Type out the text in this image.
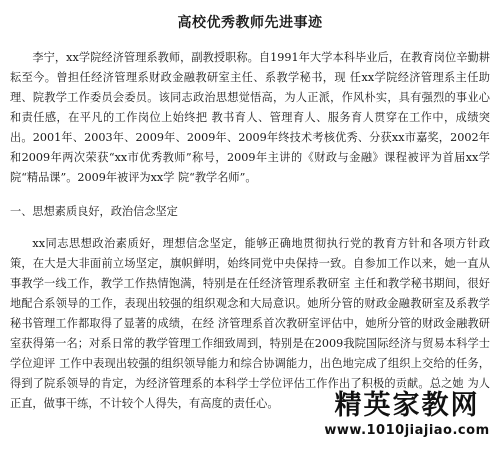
高校优秀教师先进事迹

李宁，xx学院经济管理系教师，副教授职称。自1991年大学本科毕业后，在教育岗位辛勤耕耘至今。曾担任经济管理系财政金融教研室主任、系教学秘书，现 任xx学院经济管理系主任助理、院教学工作委员会委员。该同志政治思想觉悟高，为人正派，作风朴实，具有强烈的事业心和责任感，在平凡的工作岗位上始终把 教书育人、管理育人、服务育人贯穿在工作中，成绩突出。2001年、2003年、2009年、2009年、2009年终技术考核优秀、分获xx市嘉奖，2002年和2009年两次荣获“xx市优秀教师”称号，2009年主讲的《财政与金融》课程被评为首届xx学院“精品课”。2009年被评为xx学 院“教学名师”。

一、思想素质良好，政治信念坚定

xx同志思想政治素质好，理想信念坚定，能够正确地贯彻执行党的教育方针和各项方针政 策，在大是大非面前立场坚定，旗帜鲜明，始终同党中央保持一致。自参加工作以来，她一直从事教学一线工作，教学工作热情饱满，特别是在任经济管理系教研室 主任和教学秘书期间，很好地配合系领导的工作，表现出较强的组织观念和大局意识。她所分管的财政金融教研室及系教学秘书管理工作都取得了显著的成绩，在经 济管理系首次教研室评估中，她所分管的财政金融教研室获得第一名；对系日常的教学管理工作细致周到，特别是在2009我院国际经济与贸易本科学士学位迎评 工作中表现出较强的组织领导能力和综合协调能力，出色地完成了组织上交给的任务，得到了院系领导的肯定，为经济管理系的本科学士学位评估工作作出了积极的贡献。总之她 为人正直，做事干练，不计较个人得失，有高度的责任心。	精英家教网
www.1010jiajiao.com
